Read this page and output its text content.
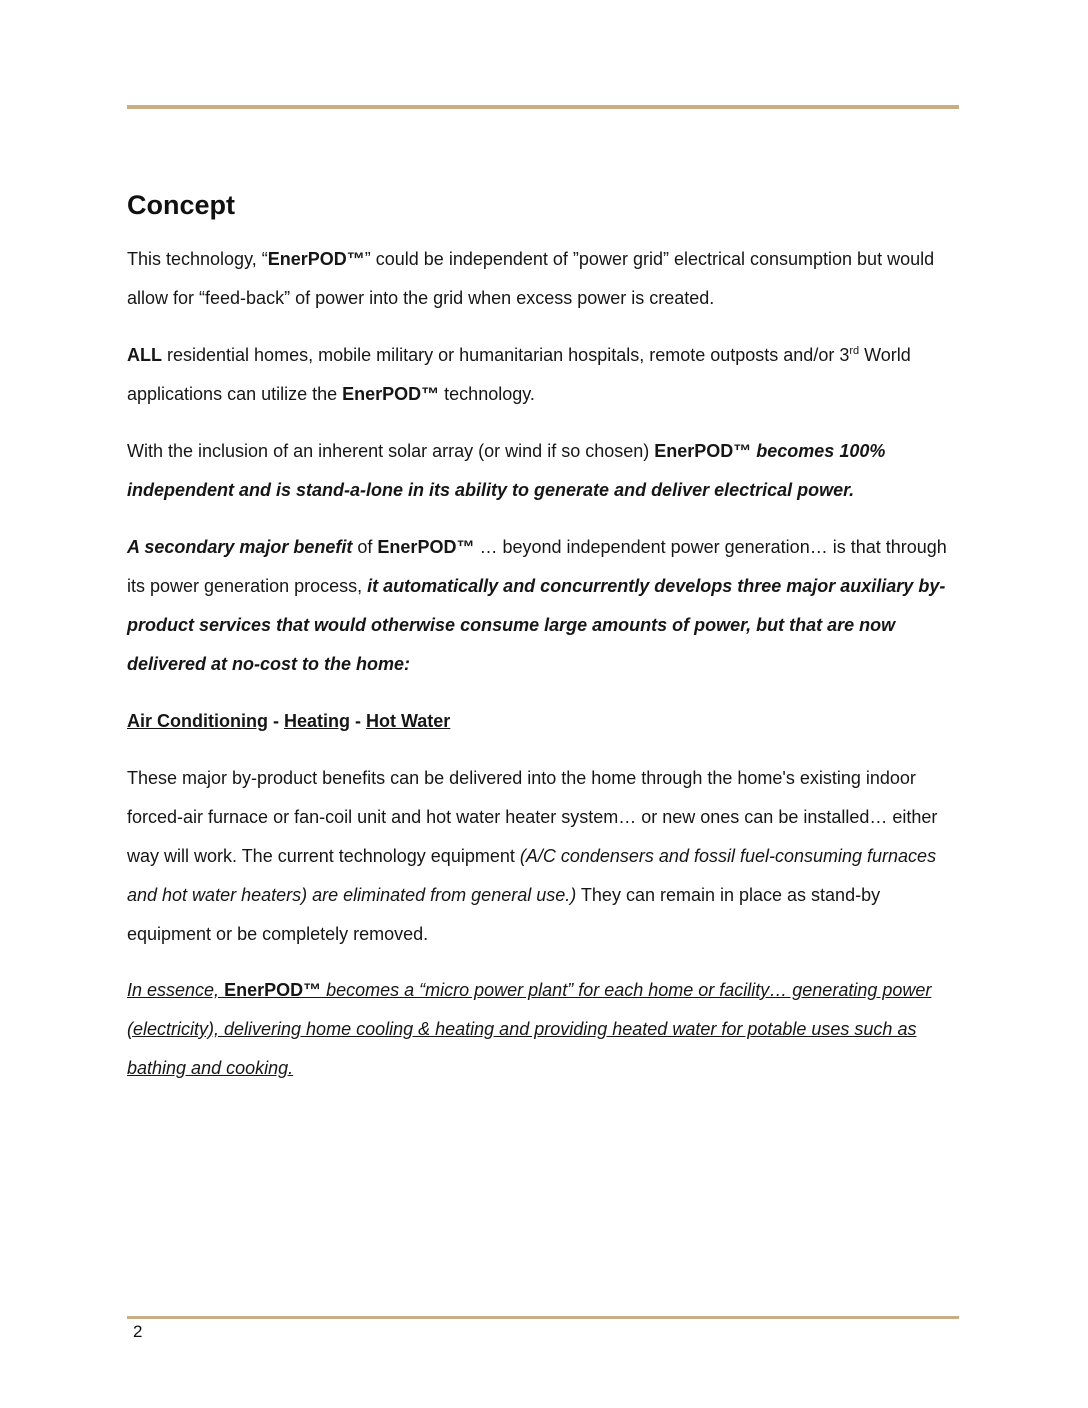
Concept

This technology, “EnerPOD™” could be independent of ”power grid” electrical consumption but would allow for “feed-back” of power into the grid when excess power is created.

ALL residential homes, mobile military or humanitarian hospitals, remote outposts and/or 3rd World applications can utilize the EnerPOD™ technology.

With the inclusion of an inherent solar array (or wind if so chosen) EnerPOD™ becomes 100% independent and is stand-a-lone in its ability to generate and deliver electrical power.

A secondary major benefit of EnerPOD™ … beyond independent power generation… is that through its power generation process, it automatically and concurrently develops three major auxiliary by-product services that would otherwise consume large amounts of power, but that are now delivered at no-cost to the home:

Air Conditioning - Heating - Hot Water

These major by-product benefits can be delivered into the home through the home's existing indoor forced-air furnace or fan-coil unit and hot water heater system… or new ones can be installed… either way will work. The current technology equipment (A/C condensers and fossil fuel-consuming furnaces and hot water heaters) are eliminated from general use.) They can remain in place as stand-by equipment or be completely removed.

In essence, EnerPOD™ becomes a “micro power plant” for each home or facility… generating power (electricity), delivering home cooling & heating and providing heated water for potable uses such as bathing and cooking.

2
